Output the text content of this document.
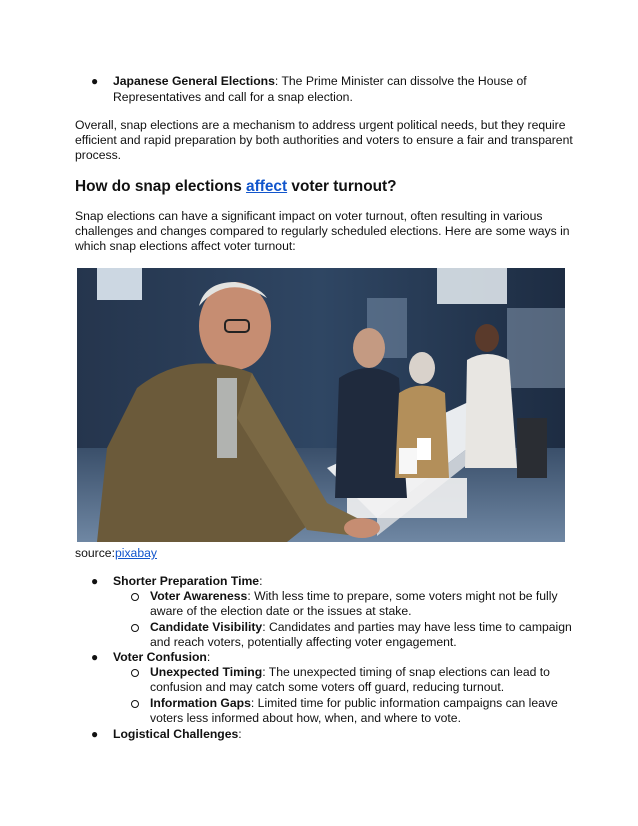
● Japanese General Elections: The Prime Minister can dissolve the House of
Representatives and call for a snap election.
Overall, snap elections are a mechanism to address urgent political needs, but they require
efficient and rapid preparation by both authorities and voters to ensure a fair and transparent
process.
How do snap elections affect voter turnout?
Snap elections can have a significant impact on voter turnout, often resulting in various
challenges and changes compared to regularly scheduled elections. Here are some ways in
which snap elections affect voter turnout:
source:pixabay
● Shorter Preparation Time:
Voter Awareness: With less time to prepare, some voters might not be fully
aware of the election date or the issues at stake.
Candidate Visibility: Candidates and parties may have less time to campaign
and reach voters, potentially affecting voter engagement.
● Voter Confusion:
Unexpected Timing: The unexpected timing of snap elections can lead to
confusion and may catch some voters off guard, reducing turnout.
Information Gaps: Limited time for public information campaigns can leave
voters less informed about how, when, and where to vote.
● Logistical Challenges:
